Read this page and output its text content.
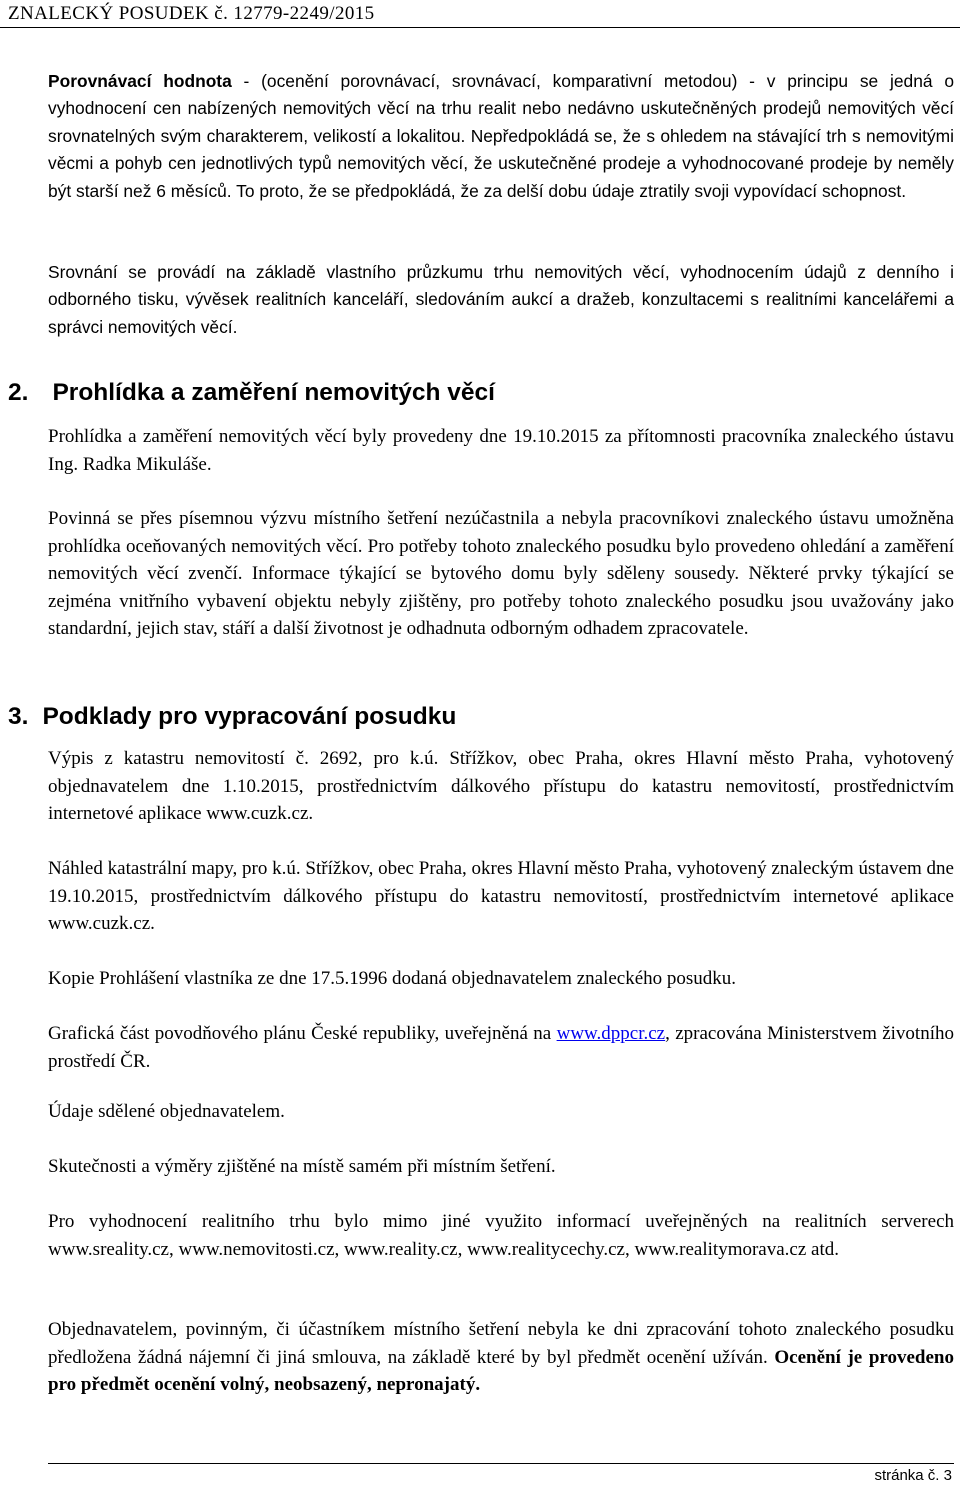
ZNALECKÝ POSUDEK č. 12779-2249/2015

Porovnávací hodnota - (ocenění porovnávací, srovnávací, komparativní metodou) - v principu se jedná o vyhodnocení cen nabízených nemovitých věcí na trhu realit nebo nedávno uskutečněných prodejů nemovitých věcí srovnatelných svým charakterem, velikostí a lokalitou. Nepředpokládá se, že s ohledem na stávající trh s nemovitými věcmi a pohyb cen jednotlivých typů nemovitých věcí, že uskutečněné prodeje a vyhodnocované prodeje by neměly být starší než 6 měsíců. To proto, že se předpokládá, že za delší dobu údaje ztratily svoji vypovídací schopnost.

Srovnání se provádí na základě vlastního průzkumu trhu nemovitých věcí, vyhodnocením údajů z denního i odborného tisku, vývěsek realitních kanceláří, sledováním aukcí a dražeb, konzultacemi s realitními kancelářemi a správci nemovitých věcí.

2. Prohlídka a zaměření nemovitých věcí

Prohlídka a zaměření nemovitých věcí byly provedeny dne 19.10.2015 za přítomnosti pracovníka znaleckého ústavu Ing. Radka Mikuláše.

Povinná se přes písemnou výzvu místního šetření nezúčastnila a nebyla pracovníkovi znaleckého ústavu umožněna prohlídka oceňovaných nemovitých věcí. Pro potřeby tohoto znaleckého posudku bylo provedeno ohledání a zaměření nemovitých věcí zvenčí. Informace týkající se bytového domu byly sděleny sousedy. Některé prvky týkající se zejména vnitřního vybavení objektu nebyly zjištěny, pro potřeby tohoto znaleckého posudku jsou uvažovány jako standardní, jejich stav, stáří a další životnost je odhadnuta odborným odhadem zpracovatele.

3. Podklady pro vypracování posudku

Výpis z katastru nemovitostí č. 2692, pro k.ú. Střížkov, obec Praha, okres Hlavní město Praha, vyhotovený objednavatelem dne 1.10.2015, prostřednictvím dálkového přístupu do katastru nemovitostí, prostřednictvím internetové aplikace www.cuzk.cz.

Náhled katastrální mapy, pro k.ú. Střížkov, obec Praha, okres Hlavní město Praha, vyhotovený znaleckým ústavem dne 19.10.2015, prostřednictvím dálkového přístupu do katastru nemovitostí, prostřednictvím internetové aplikace www.cuzk.cz.

Kopie Prohlášení vlastníka ze dne 17.5.1996 dodaná objednavatelem znaleckého posudku.

Grafická část povodňového plánu České republiky, uveřejněná na www.dppcr.cz, zpracována Ministerstvem životního prostředí ČR.

Údaje sdělené objednavatelem.

Skutečnosti a výměry zjištěné na místě samém při místním šetření.

Pro vyhodnocení realitního trhu bylo mimo jiné využito informací uveřejněných na realitních serverech www.sreality.cz, www.nemovitosti.cz, www.reality.cz, www.realitycechy.cz, www.realitymorava.cz atd.

Objednavatelem, povinným, či účastníkem místního šetření nebyla ke dni zpracování tohoto znaleckého posudku předložena žádná nájemní či jiná smlouva, na základě které by byl předmět ocenění užíván. Ocenění je provedeno pro předmět ocenění volný, neobsazený, nepronajatý.

stránka č. 3
